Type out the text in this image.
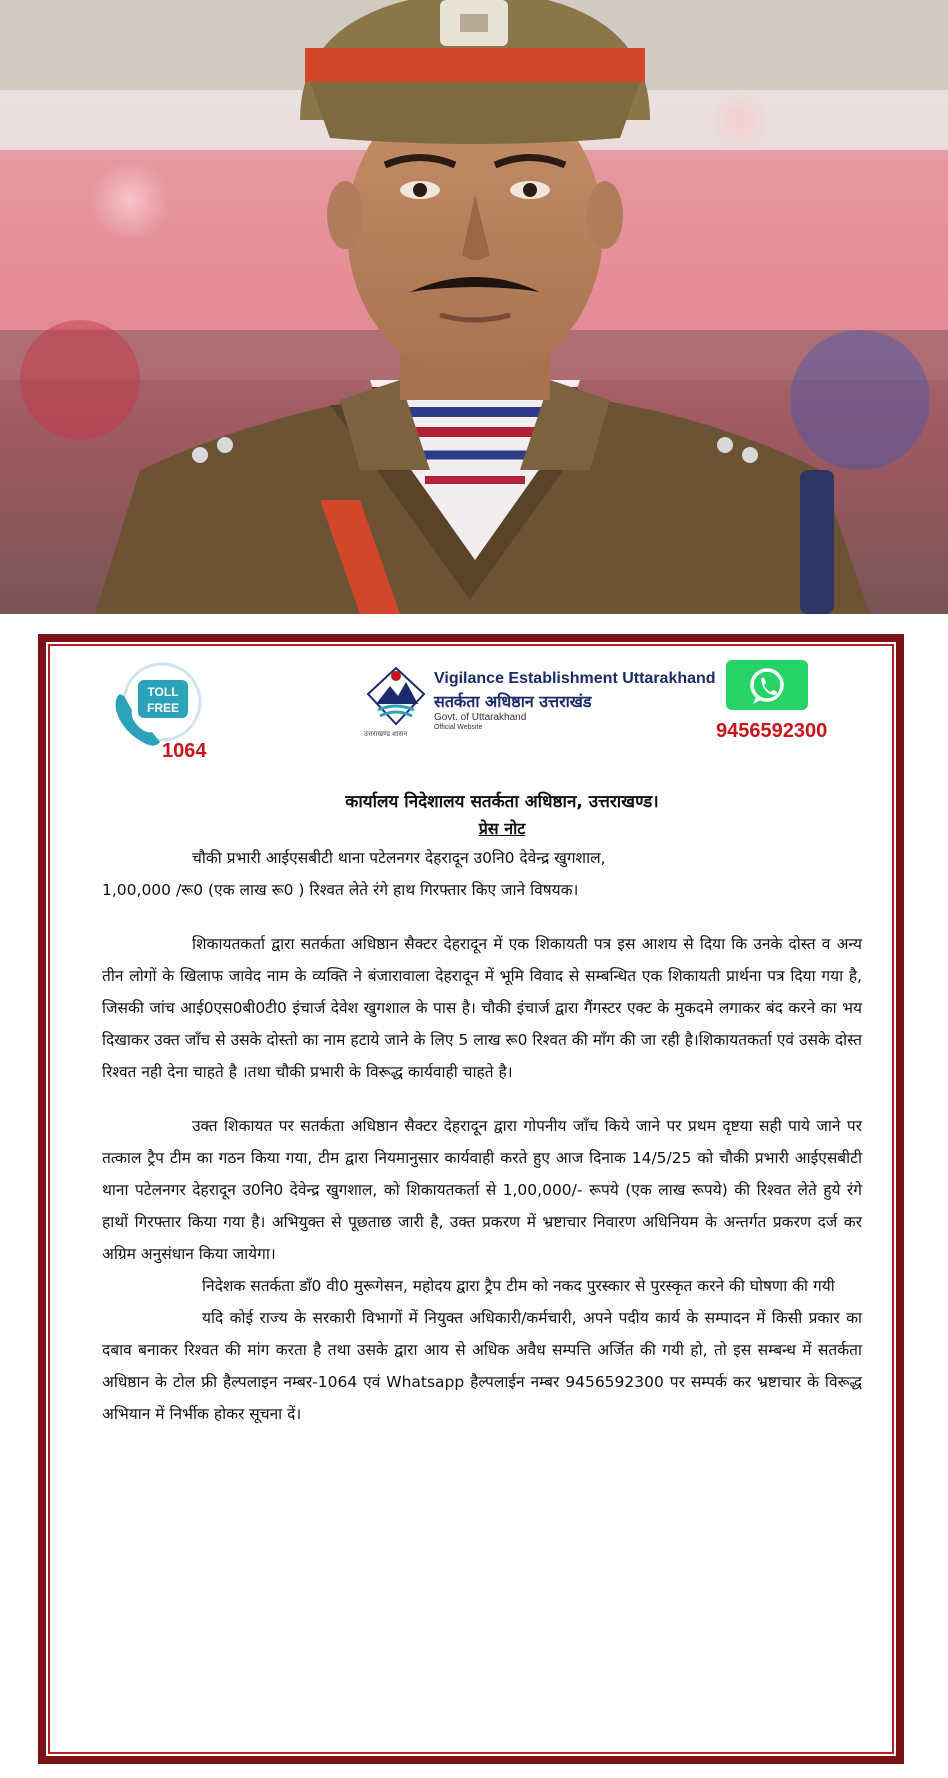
TOLL
FREE
1064
उत्तराखण्ड शासन
Vigilance Establishment Uttarakhand
सतर्कता अधिष्ठान उत्तराखंड
Govt. of Uttarakhand
Official Website	9456592300
कार्यालय निदेशालय सतर्कता अधिष्ठान, उत्तराखण्ड।
प्रेस नोट

चौकी प्रभारी आईएसबीटी थाना पटेलनगर देहरादून उ0नि0 देवेन्द्र खुगशाल,

1,00,000 /रू0 (एक लाख रू0 ) रिश्वत लेते रंगे हाथ गिरफ्तार किए जाने विषयक।

शिकायतकर्ता द्वारा सतर्कता अधिष्ठान सैक्टर देहरादून में एक शिकायती पत्र इस आशय से दिया कि उनके दोस्त व अन्य तीन लोगों के खिलाफ जावेद नाम के व्यक्ति ने बंजारावाला देहरादून में भूमि विवाद से सम्बन्धित एक शिकायती प्रार्थना पत्र दिया गया है, जिसकी जांच आई0एस0बी0टी0 इंचार्ज देवेश खुगशाल के पास है। चौकी इंचार्ज द्वारा गैंगस्टर एक्ट के मुकदमे लगाकर बंद करने का भय दिखाकर उक्त जाँच से उसके दोस्तो का नाम हटाये जाने के लिए 5 लाख रू0 रिश्वत की माँग की जा रही है।शिकायतकर्ता एवं उसके दोस्त रिश्वत नही देना चाहते है ।तथा चौकी प्रभारी के विरूद्ध कार्यवाही चाहते है।

उक्त शिकायत पर सतर्कता अधिष्ठान सैक्टर देहरादून द्वारा गोपनीय जाँच किये जाने पर प्रथम दृष्टया सही पाये जाने पर तत्काल ट्रैप टीम का गठन किया गया, टीम द्वारा नियमानुसार कार्यवाही करते हुए आज दिनाक 14/5/25 को चौकी प्रभारी आईएसबीटी थाना पटेलनगर देहरादून उ0नि0 देवेन्द्र खुगशाल, को शिकायतकर्ता से 1,00,000/- रूपये (एक लाख रूपये) की रिश्वत लेते हुये रंगे हाथों गिरफ्तार किया गया है। अभियुक्त से पूछताछ जारी है, उक्त प्रकरण में भ्रष्टाचार निवारण अधिनियम के अन्तर्गत प्रकरण दर्ज कर अग्रिम अनुसंधान किया जायेगा।

निदेशक सतर्कता डाँ0 वी0 मुरूगेसन, महोदय द्वारा ट्रैप टीम को नकद पुरस्कार से पुरस्कृत करने की घोषणा की गयी

यदि कोई राज्य के सरकारी विभागों में नियुक्त अधिकारी/कर्मचारी, अपने पदीय कार्य के सम्पादन में किसी प्रकार का दबाव बनाकर रिश्वत की मांग करता है तथा उसके द्वारा आय से अधिक अवैध सम्पत्ति अर्जित की गयी हो, तो इस सम्बन्ध में सतर्कता अधिष्ठान के टोल फ्री हैल्पलाइन नम्बर-1064 एवं Whatsapp हैल्पलाईन नम्बर 9456592300 पर सम्पर्क कर भ्रष्टाचार के विरूद्ध अभियान में निर्भीक होकर सूचना दें।
